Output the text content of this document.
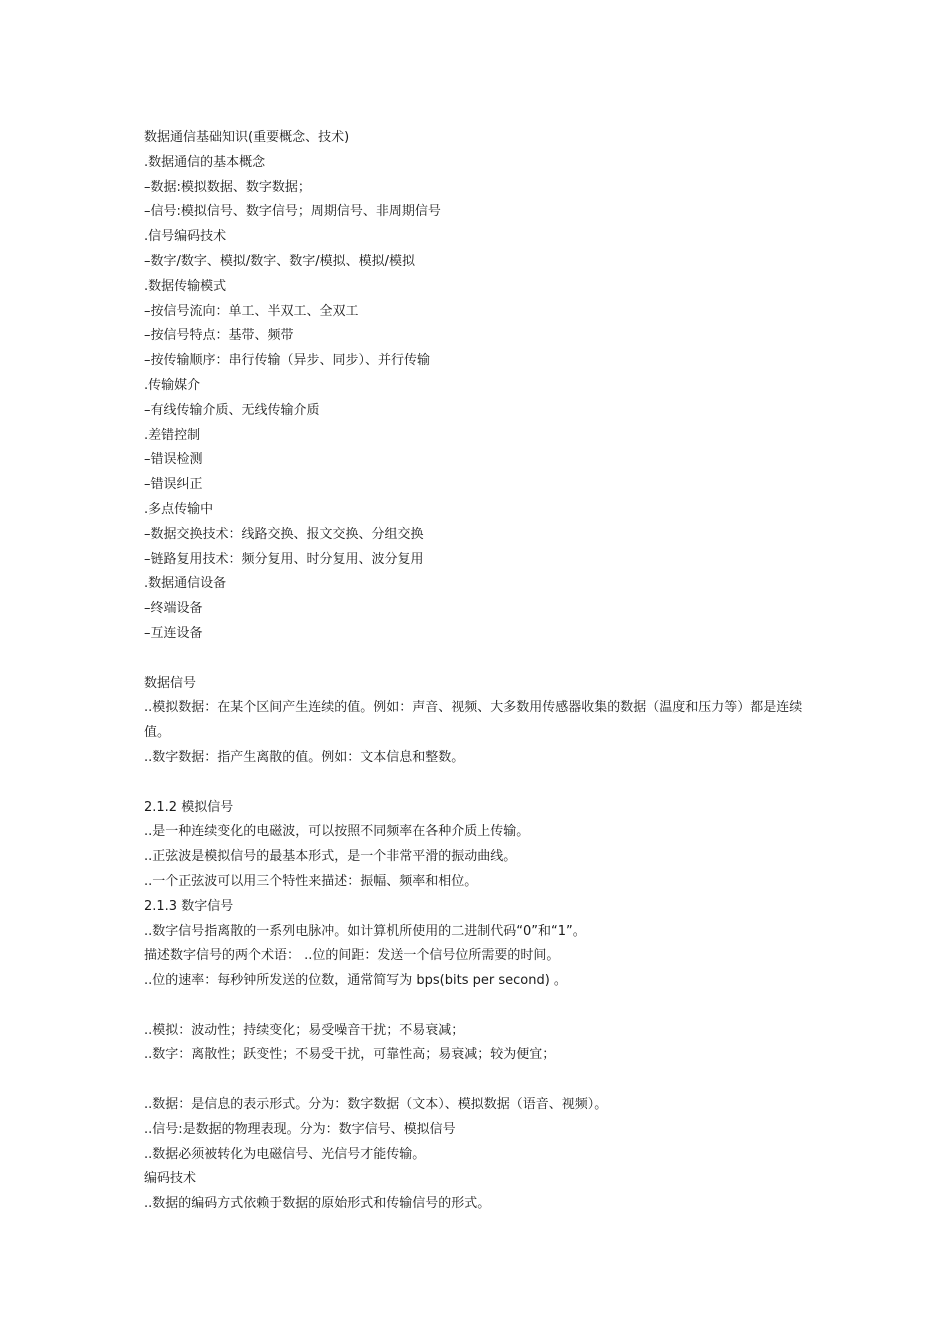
数据通信基础知识(重要概念、技术)
.数据通信的基本概念
–数据:模拟数据、数字数据；
–信号:模拟信号、数字信号；周期信号、非周期信号
.信号编码技术
–数字/数字、模拟/数字、数字/模拟、模拟/模拟
.数据传输模式
–按信号流向：单工、半双工、全双工
–按信号特点：基带、频带
–按传输顺序：串行传输（异步、同步）、并行传输
.传输媒介
–有线传输介质、无线传输介质
.差错控制
–错误检测
–错误纠正
.多点传输中
–数据交换技术：线路交换、报文交换、分组交换
–链路复用技术：频分复用、时分复用、波分复用
.数据通信设备
–终端设备
–互连设备
数据信号
..模拟数据：在某个区间产生连续的值。例如：声音、视频、大多数用传感器收集的数据（温度和压力等）都是连续值。
..数字数据：指产生离散的值。例如：文本信息和整数。
2.1.2 模拟信号
..是一种连续变化的电磁波，可以按照不同频率在各种介质上传输。
..正弦波是模拟信号的最基本形式，是一个非常平滑的振动曲线。
..一个正弦波可以用三个特性来描述：振幅、频率和相位。
2.1.3 数字信号
..数字信号指离散的一系列电脉冲。如计算机所使用的二进制代码“0”和“1”。
描述数字信号的两个术语： ..位的间距：发送一个信号位所需要的时间。
..位的速率：每秒钟所发送的位数，通常简写为 bps(bits per second) 。
..模拟：波动性；持续变化；易受噪音干扰；不易衰减；
..数字：离散性；跃变性；不易受干扰，可靠性高；易衰减；较为便宜；
..数据：是信息的表示形式。分为：数字数据（文本）、模拟数据（语音、视频）。
..信号:是数据的物理表现。分为：数字信号、模拟信号
..数据必须被转化为电磁信号、光信号才能传输。
编码技术
..数据的编码方式依赖于数据的原始形式和传输信号的形式。
